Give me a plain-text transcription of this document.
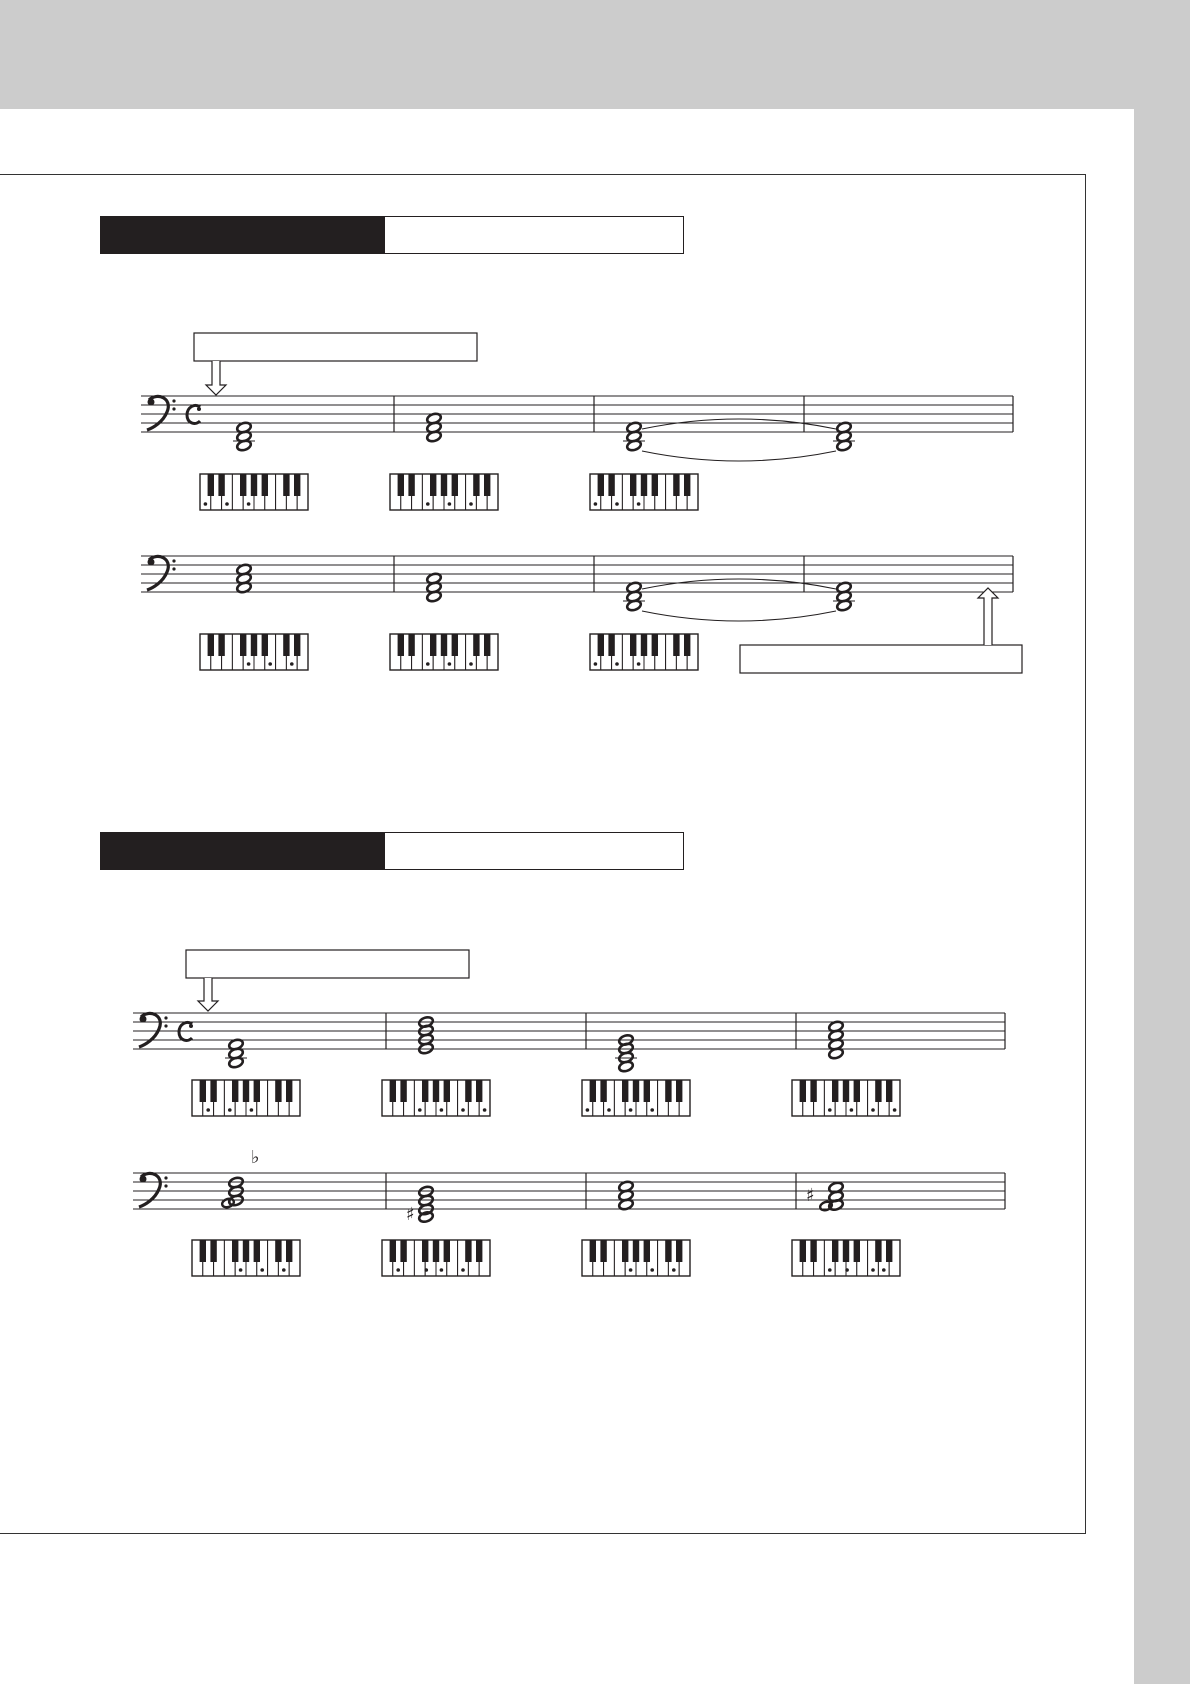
♭
♯
♯
